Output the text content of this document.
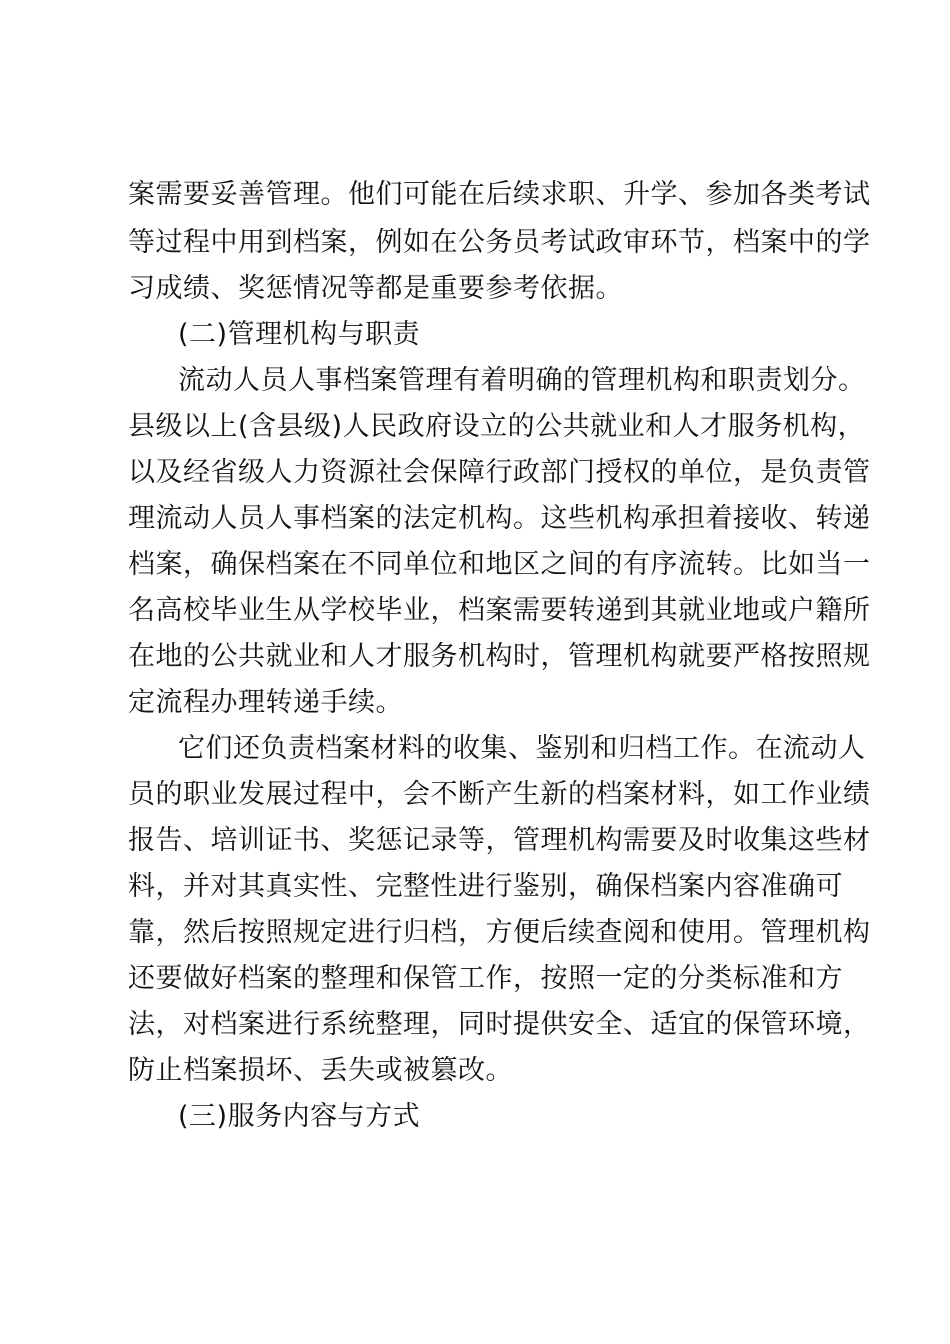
案需要妥善管理。他们可能在后续求职、升学、参加各类考试

等过程中用到档案，例如在公务员考试政审环节，档案中的学

习成绩、奖惩情况等都是重要参考依据。

(二)管理机构与职责

流动人员人事档案管理有着明确的管理机构和职责划分。

县级以上(含县级)人民政府设立的公共就业和人才服务机构，

以及经省级人力资源社会保障行政部门授权的单位，是负责管

理流动人员人事档案的法定机构。这些机构承担着接收、转递

档案，确保档案在不同单位和地区之间的有序流转。比如当一

名高校毕业生从学校毕业，档案需要转递到其就业地或户籍所

在地的公共就业和人才服务机构时，管理机构就要严格按照规

定流程办理转递手续。

它们还负责档案材料的收集、鉴别和归档工作。在流动人

员的职业发展过程中，会不断产生新的档案材料，如工作业绩

报告、培训证书、奖惩记录等，管理机构需要及时收集这些材

料，并对其真实性、完整性进行鉴别，确保档案内容准确可

靠，然后按照规定进行归档，方便后续查阅和使用。管理机构

还要做好档案的整理和保管工作，按照一定的分类标准和方

法，对档案进行系统整理，同时提供安全、适宜的保管环境，

防止档案损坏、丢失或被篡改。

(三)服务内容与方式
